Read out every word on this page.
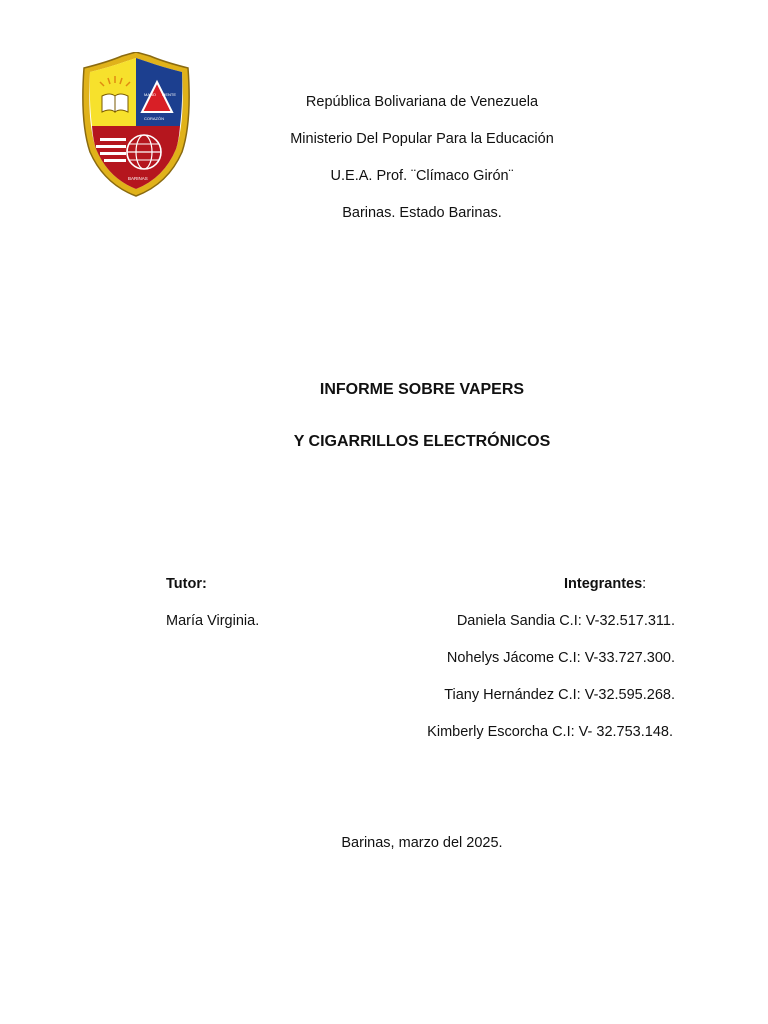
MANO MENTE
CORAZÓN
BARINAS
República Bolivariana de Venezuela
Ministerio Del Popular Para la Educación
U.E.A. Prof. ¨Clímaco Girón¨
Barinas. Estado Barinas.
INFORME SOBRE VAPERS
Y CIGARRILLOS ELECTRÓNICOS
Tutor:
María Virginia.
Integrantes:
Daniela Sandia C.I: V-32.517.311.
Nohelys Jácome C.I: V-33.727.300.
Tiany Hernández C.I: V-32.595.268.
Kimberly Escorcha C.I: V- 32.753.148.
Barinas, marzo del 2025.
